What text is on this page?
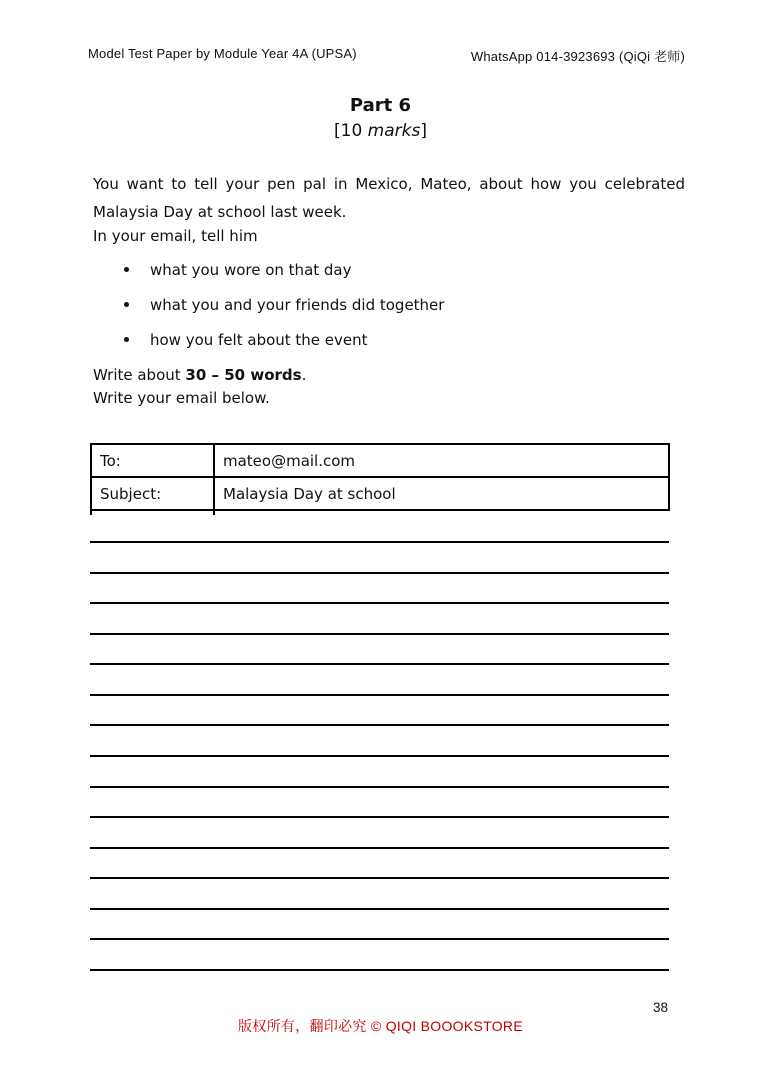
Model Test Paper by Module Year 4A (UPSA)	WhatsApp 014-3923693 (QiQi 老师)
Part 6
[10 marks]
You want to tell your pen pal in Mexico, Mateo, about how you celebrated
Malaysia Day at school last week.
In your email, tell him
what you wore on that day
what you and your friends did together
how you felt about the event
Write about 30 – 50 words.
Write your email below.
To:	mateo@mail.com
Subject:	Malaysia Day at school
38
版权所有，翻印必究 © QIQI BOOOKSTORE
